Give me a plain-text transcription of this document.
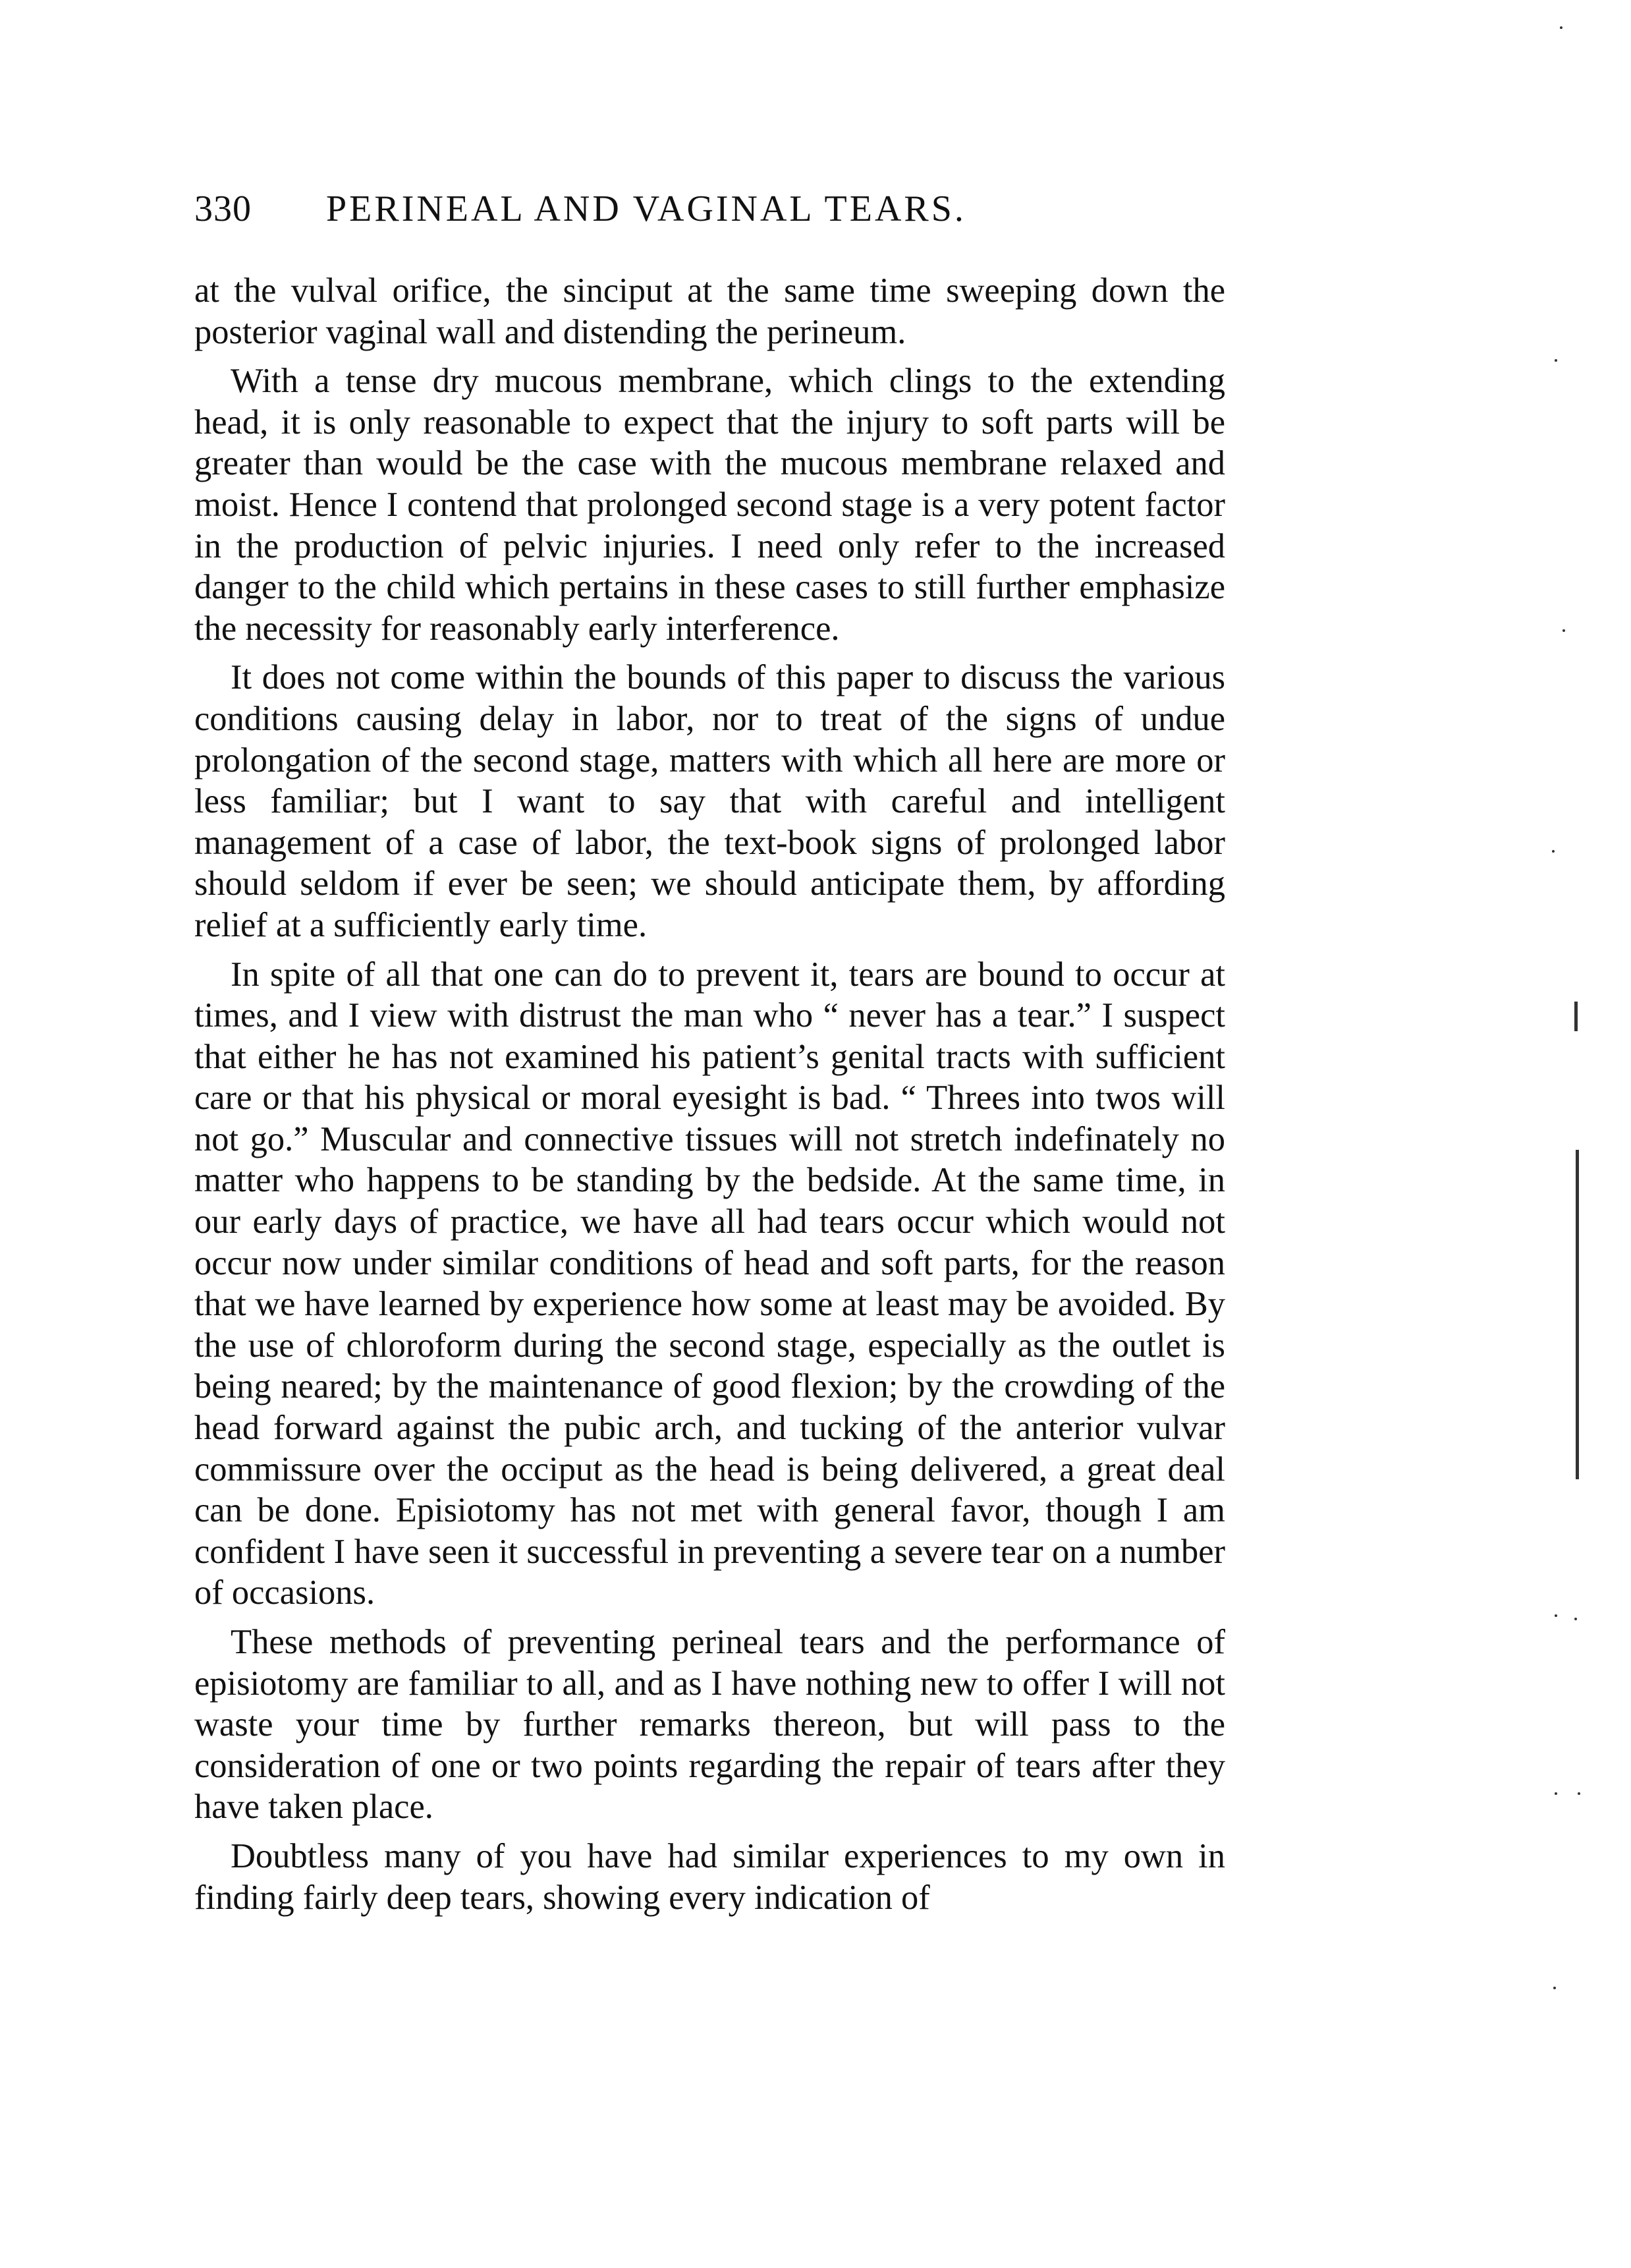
330 PERINEAL AND VAGINAL TEARS.

at the vulval orifice, the sinciput at the same time sweeping down the posterior vaginal wall and distending the perineum.

With a tense dry mucous membrane, which clings to the extending head, it is only reasonable to expect that the injury to soft parts will be greater than would be the case with the mucous membrane relaxed and moist. Hence I contend that prolonged second stage is a very potent factor in the production of pelvic injuries. I need only refer to the increased danger to the child which pertains in these cases to still further emphasize the necessity for reasonably early interference.

It does not come within the bounds of this paper to discuss the various conditions causing delay in labor, nor to treat of the signs of undue prolongation of the second stage, matters with which all here are more or less familiar; but I want to say that with careful and intelligent management of a case of labor, the text-book signs of prolonged labor should seldom if ever be seen; we should anticipate them, by affording relief at a sufficiently early time.

In spite of all that one can do to prevent it, tears are bound to occur at times, and I view with distrust the man who “ never has a tear.” I suspect that either he has not examined his patient’s genital tracts with sufficient care or that his physical or moral eyesight is bad. “ Threes into twos will not go.” Muscular and connective tissues will not stretch indefinately no matter who happens to be standing by the bedside. At the same time, in our early days of practice, we have all had tears occur which would not occur now under similar conditions of head and soft parts, for the reason that we have learned by experience how some at least may be avoided. By the use of chloroform during the second stage, especially as the outlet is being neared; by the maintenance of good flexion; by the crowding of the head forward against the pubic arch, and tucking of the anterior vulvar commissure over the occiput as the head is being delivered, a great deal can be done. Episiotomy has not met with general favor, though I am confident I have seen it successful in preventing a severe tear on a number of occasions.

These methods of preventing perineal tears and the performance of episiotomy are familiar to all, and as I have nothing new to offer I will not waste your time by further remarks thereon, but will pass to the consideration of one or two points regarding the repair of tears after they have taken place.

Doubtless many of you have had similar experiences to my own in finding fairly deep tears, showing every indication of
